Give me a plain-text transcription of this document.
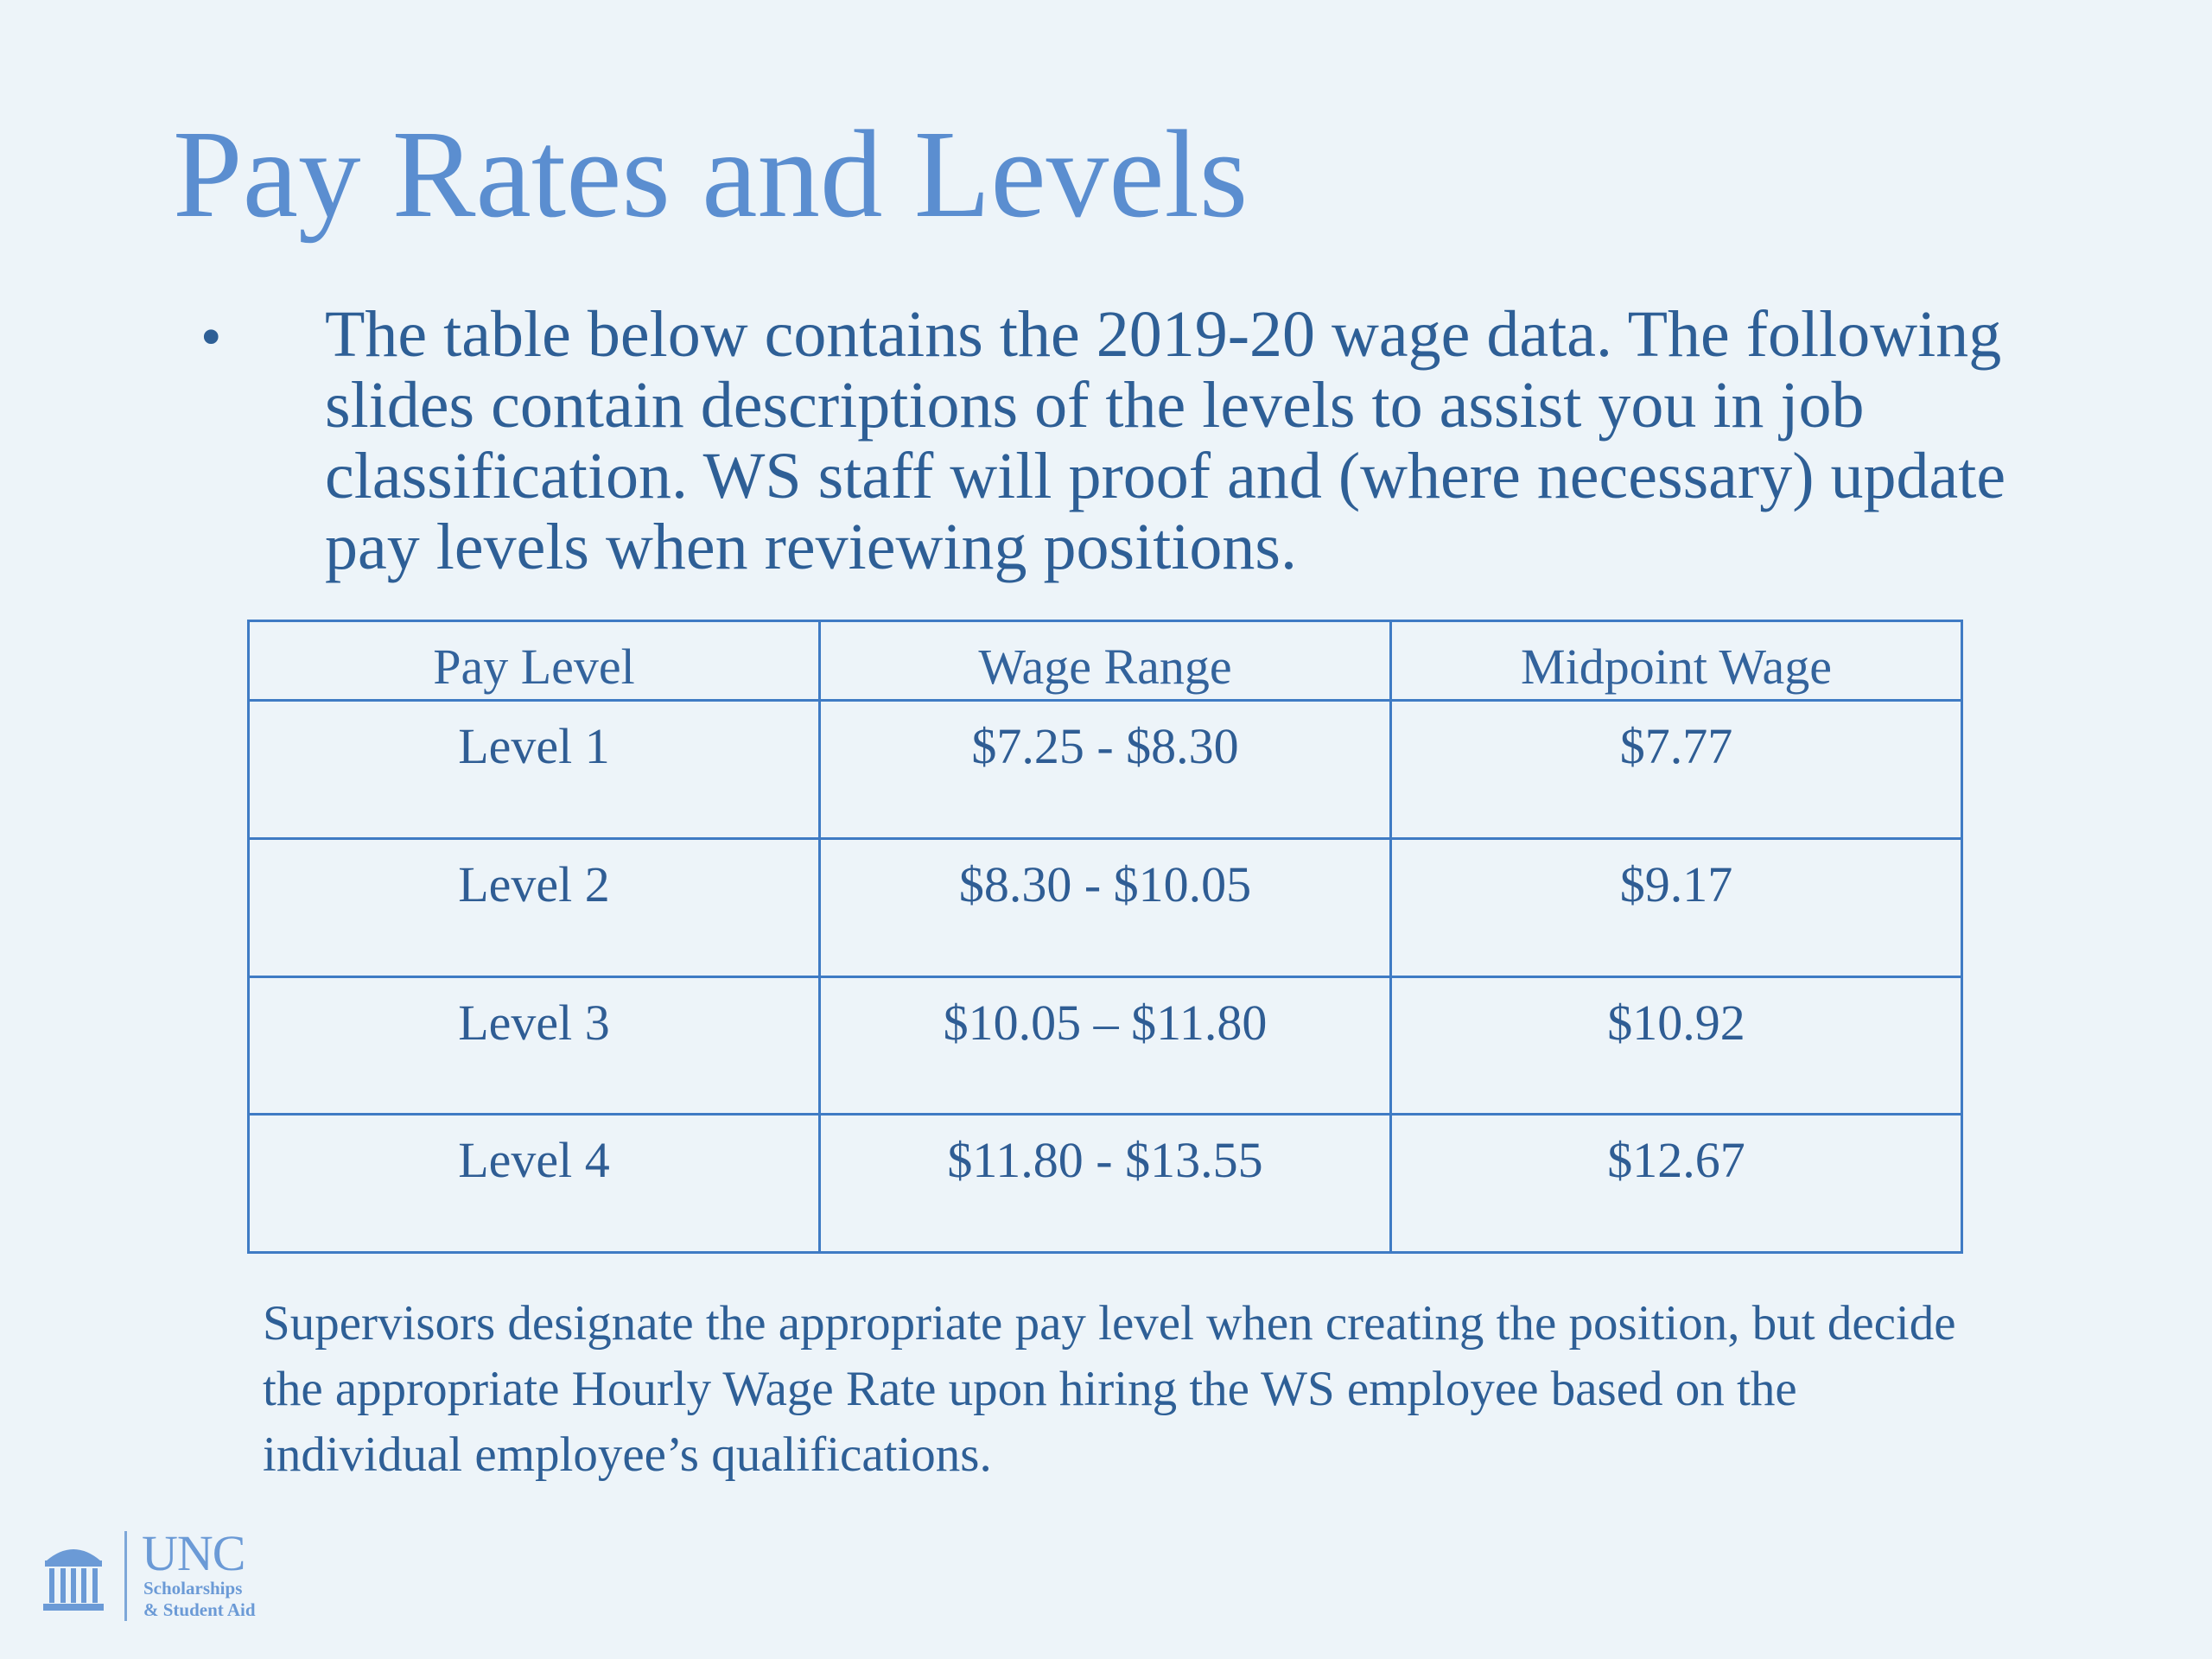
Pay Rates and Levels
• The table below contains the 2019-20 wage data. The following slides contain descriptions of the levels to assist you in job classification. WS staff will proof and (where necessary) update pay levels when reviewing positions.

Pay Level	Wage Range	Midpoint Wage
Level 1	$7.25 - $8.30	$7.77
Level 2	$8.30 - $10.05	$9.17
Level 3	$10.05 – $11.80	$10.92
Level 4	$11.80 - $13.55	$12.67

Supervisors designate the appropriate pay level when creating the position, but decide the appropriate Hourly Wage Rate upon hiring the WS employee based on the individual employee’s qualifications.

UNC
Scholarships
& Student Aid
